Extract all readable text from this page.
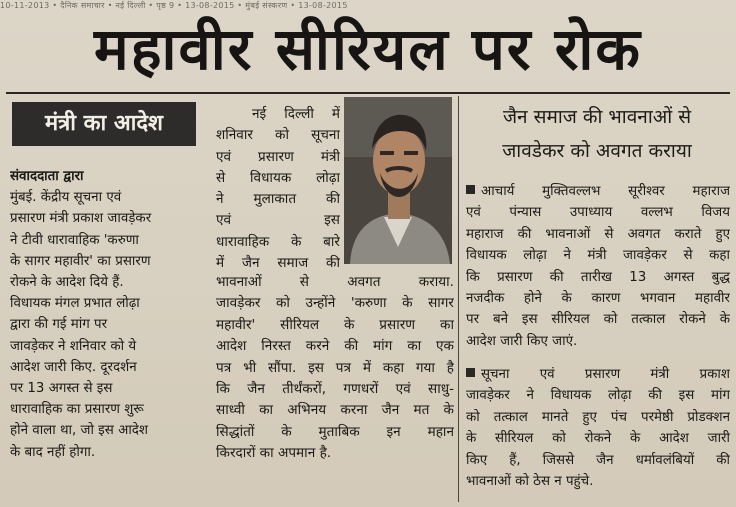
10-11-2013 • दैनिक समाचार • नई दिल्ली • पृष्ठ 9 • 13-08-2015 • मुंबई संस्करण • 13-08-2015
महावीर सीरियल पर रोक
मंत्री का आदेश
संवाददाता द्वारा
मुंबई. केंद्रीय सूचना एवं
प्रसारण मंत्री प्रकाश जावड़ेकर
ने टीवी धारावाहिक 'करुणा
के सागर महावीर' का प्रसारण
रोकने के आदेश दिये हैं.
विधायक मंगल प्रभात लोढ़ा
द्वारा की गई मांग पर
जावड़ेकर ने शनिवार को ये
आदेश जारी किए. दूरदर्शन
पर 13 अगस्त से इस
धारावाहिक का प्रसारण शुरू
होने वाला था, जो इस आदेश
के बाद नहीं होगा.
नई दिल्ली में
शनिवार को सूचना
एवं प्रसारण मंत्री
से विधायक लोढ़ा
ने मुलाकात की
एवं इस
धारावाहिक के बारे
में जैन समाज की
भावनाओं से अवगत कराया.
जावड़ेकर को उन्होंने 'करुणा के सागर
महावीर' सीरियल के प्रसारण का
आदेश निरस्त करने की मांग का एक
पत्र भी सौंपा. इस पत्र में कहा गया है
कि जैन तीर्थंकरों, गणधरों एवं साधु-
साध्वी का अभिनय करना जैन मत के
सिद्धांतों के मुताबिक इन महान
किरदारों का अपमान है.
जैन समाज की भावनाओं से
जावडेकर को अवगत कराया
आचार्य मुक्तिवल्लभ सूरीश्वर महाराज
एवं पंन्यास उपाध्याय वल्लभ विजय
महाराज की भावनाओं से अवगत कराते हुए
विधायक लोढ़ा ने मंत्री जावड़ेकर से कहा
कि प्रसारण की तारीख 13 अगस्त बुद्ध
नजदीक होने के कारण भगवान महावीर
पर बने इस सीरियल को तत्काल रोकने के
आदेश जारी किए जाएं.
सूचना एवं प्रसारण मंत्री प्रकाश
जावड़ेकर ने विधायक लोढ़ा की इस मांग
को तत्काल मानते हुए पंच परमेष्ठी प्रोडक्शन
के सीरियल को रोकने के आदेश जारी
किए हैं, जिससे जैन धर्मावलंबियों की
भावनाओं को ठेस न पहुंचे.
